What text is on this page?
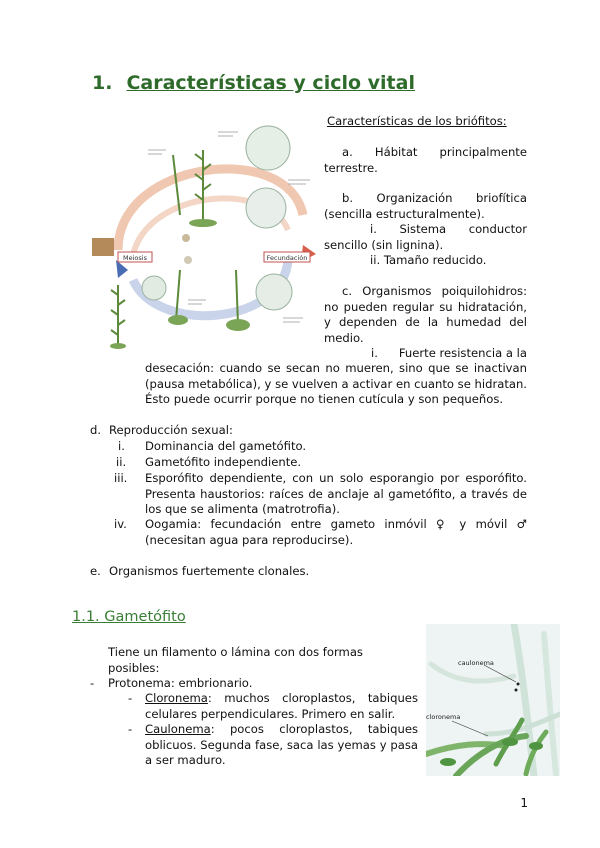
1. Características y ciclo vital
Meiosis	Fecundación
Características de los briófitos:
a. Hábitat principalmente terrestre.
b. Organización briofítica (sencilla estructuralmente).
i. Sistema conductor sencillo (sin lignina).
ii. Tamaño reducido.
c. Organismos poiquilohidros: no pueden regular su hidratación, y dependen de la humedad del medio.
i. Fuerte resistencia a la
desecación: cuando se secan no mueren, sino que se inactivan (pausa metabólica), y se vuelven a activar en cuanto se hidratan. Ésto puede ocurrir porque no tienen cutícula y son pequeños.
d. Reproducción sexual:
i. Dominancia del gametófito.
ii. Gametófito independiente.
iii. Esporófito dependiente, con un solo esporangio por esporófito. Presenta haustorios: raíces de anclaje al gametófito, a través de los que se alimenta (matrotrofia).
iv. Oogamia: fecundación entre gameto inmóvil ♀ y móvil ♂ (necesitan agua para reproducirse).
e. Organismos fuertemente clonales.
1.1. Gametófito
Tiene un filamento o lámina con dos formas posibles:
- Protonema: embrionario.
- Cloronema: muchos cloroplastos, tabiques celulares perpendiculares. Primero en salir.
- Caulonema: pocos cloroplastos, tabiques oblicuos. Segunda fase, saca las yemas y pasa a ser maduro.
caulonema
cloronema
1
